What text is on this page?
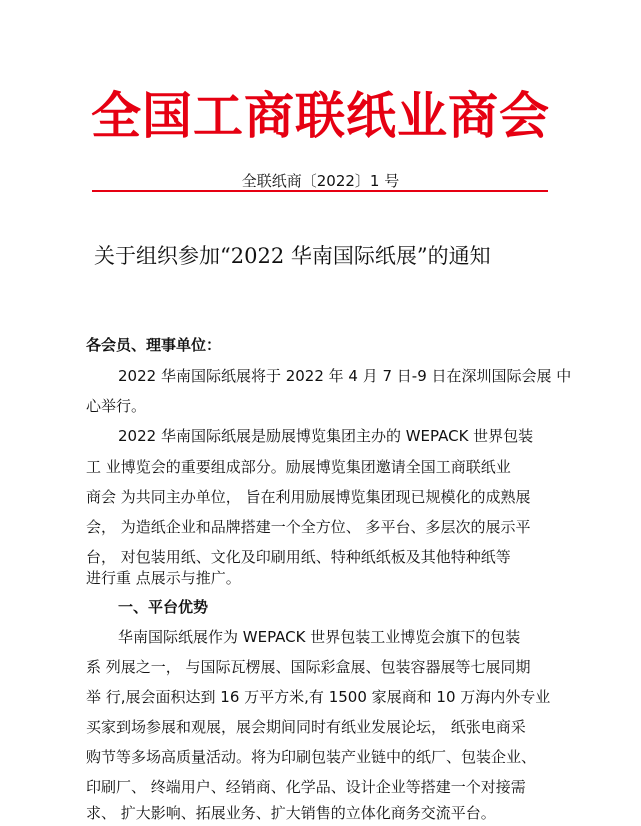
全国工商联纸业商会
全联纸商〔2022〕1 号
关于组织参加“2022 华南国际纸展”的通知
各会员、理事单位：
2022 华南国际纸展将于 2022 年 4 月 7 日-9 日在深圳国际会展 中
心举行。
2022 华南国际纸展是励展博览集团主办的 WEPACK 世界包装
工 业博览会的重要组成部分。励展博览集团邀请全国工商联纸业
商会 为共同主办单位， 旨在利用励展博览集团现已规模化的成熟展
会， 为造纸企业和品牌搭建一个全方位、 多平台、多层次的展示平
台， 对包装用纸、文化及印刷用纸、特种纸纸板及其他特种纸等
进行重 点展示与推广。
一、平台优势
华南国际纸展作为 WEPACK 世界包装工业博览会旗下的包装
系 列展之一， 与国际瓦楞展、国际彩盒展、包装容器展等七展同期
举 行,展会面积达到 16 万平方米,有 1500 家展商和 10 万海内外专业
买家到场参展和观展，展会期间同时有纸业发展论坛， 纸张电商采
购节等多场高质量活动。将为印刷包装产业链中的纸厂、包装企业、
印刷厂、 终端用户、经销商、化学品、设计企业等搭建一个对接需
求、 扩大影响、拓展业务、扩大销售的立体化商务交流平台。
